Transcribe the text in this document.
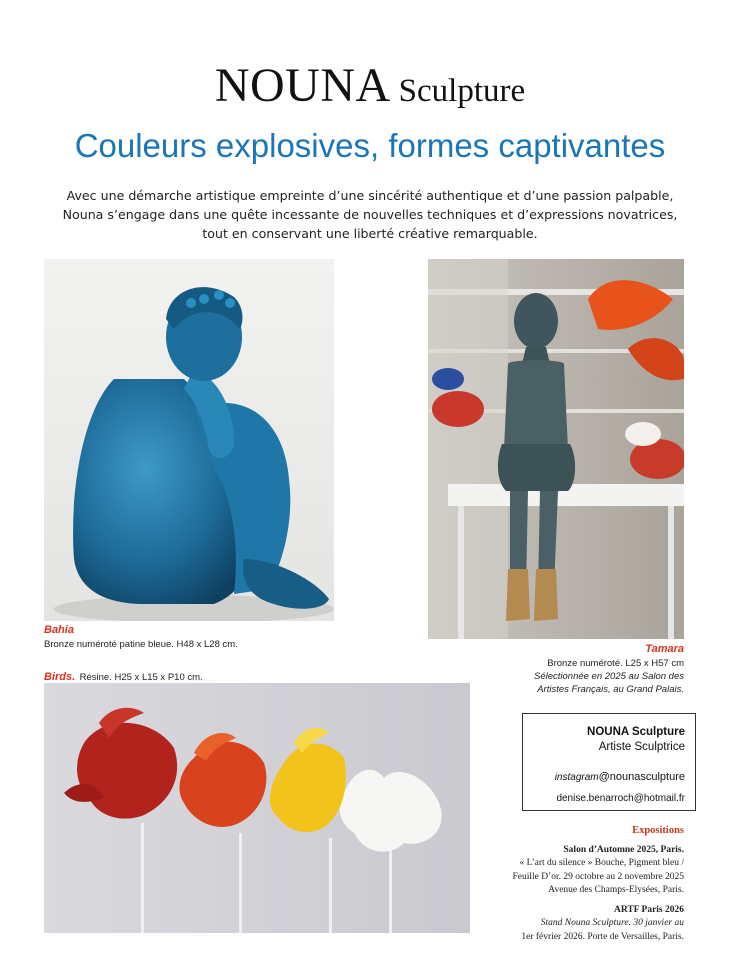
NOUNA Sculpture
Couleurs explosives, formes captivantes
Avec une démarche artistique empreinte d’une sincérité authentique et d’une passion palpable,
Nouna s’engage dans une quête incessante de nouvelles techniques et d’expressions novatrices,
tout en conservant une liberté créative remarquable.
Bahia
Bronze numéroté patine bleue. H48 x L28 cm.	Tamara
Bronze numéroté. L25 x H57 cm
Sélectionnée en 2025 au Salon des
Artistes Français, au Grand Palais.
Birds. Résine. H25 x L15 x P10 cm.
NOUNA Sculpture
Artiste Sculptrice
instagram@nounasculpture
denise.benarroch@hotmail.fr
Expositions
Salon d’Automne 2025, Paris.
« L’art du silence » Bouche, Pigment bleu /
Feuille D’or. 29 octobre au 2 novembre 2025
Avenue des Champs-Elysées, Paris.
ARTF Paris 2026
Stand Nouna Sculpture. 30 janvier au
1er février 2026. Porte de Versailles, Paris.
